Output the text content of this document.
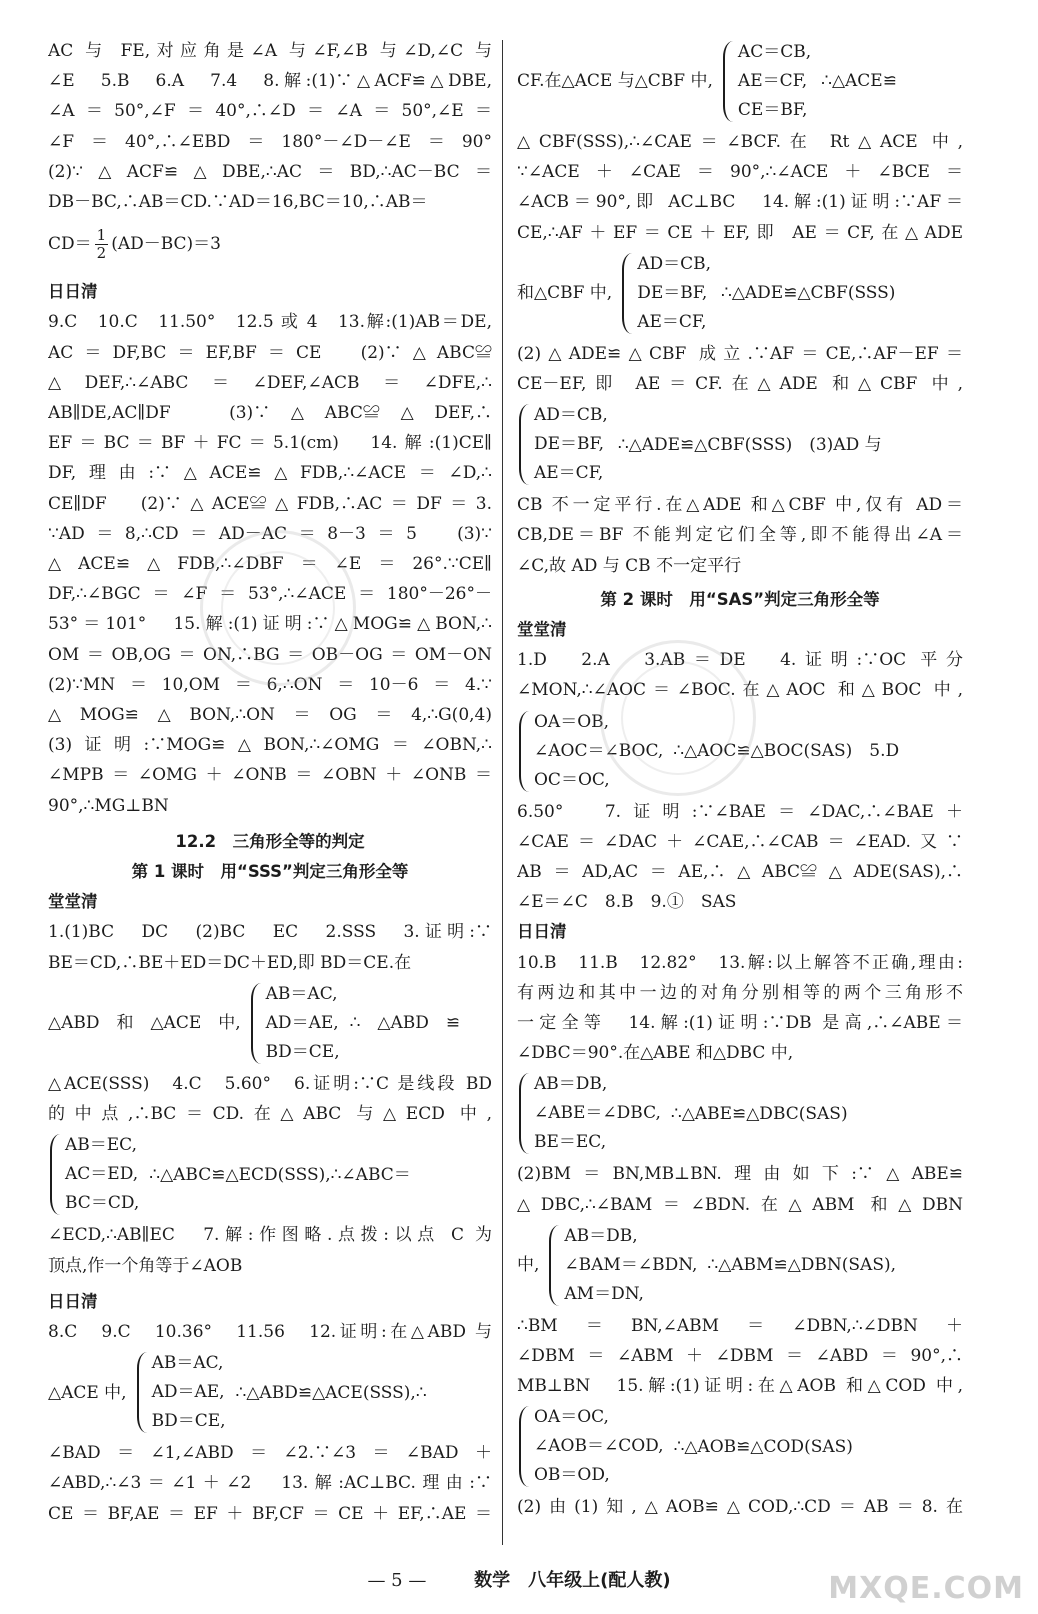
AC 与 FE,对应角是∠A 与∠F,∠B 与∠D,∠C 与
∠E　5.B　6.A　7.4　8.解:(1)∵△ACF≌△DBE,
∠A＝50°,∠F＝40°,∴∠D＝∠A＝50°,∠E＝
∠F＝40°,∴∠EBD＝180°－∠D－∠E＝90°
(2)∵△ACF≌△DBE,∴AC＝BD,∴AC－BC＝
DB－BC,∴AB＝CD.∵AD＝16,BC＝10,∴AB＝
$CD= \frac{1}{2} (AD-BC)=3$
日日清
9.C　10.C　11.50°　12.5 或 4　13.解:(1)AB＝DE,
AC＝DF,BC＝EF,BF＝CE　(2)∵△ABC≌
△DEF,∴∠ABC＝∠DEF,∠ACB＝∠DFE,∴
AB∥DE,AC∥DF　(3)∵△ABC≌△DEF,∴
EF＝BC＝BF＋FC＝5.1(cm)　14.解:(1)CE∥
DF,理由:∵△ACE≌△FDB,∴∠ACE＝∠D,∴
CE∥DF　(2)∵△ACE≌△FDB,∴AC＝DF＝3.
∵AD＝8,∴CD＝AD－AC＝8－3＝5　(3)∵
△ACE≌△FDB,∴∠DBF＝∠E＝26°.∵CE∥
DF,∴∠BGC＝∠F＝53°,∴∠ACE＝180°－26°－
53°＝101°　15.解:(1)证明:∵△MOG≌△BON,∴
OM＝OB,OG＝ON,∴BG＝OB－OG＝OM－ON
(2)∵MN＝10,OM＝6,∴ON＝10－6＝4.∵
△MOG≌△BON,∴ON＝OG＝4,∴G(0,4)
(3)证明:∵MOG≌△BON,∴∠OMG＝∠OBN,∴
∠MPB＝∠OMG＋∠ONB＝∠OBN＋∠ONB＝
90°,∴MG⊥BN
12.2　三角形全等的判定
第 1 课时　用“SSS”判定三角形全等
堂堂清
1.(1)BC　DC　(2)BC　EC　2.SSS　3.证明:∵
BE＝CD,∴BE＋ED＝DC＋ED,即 BD＝CE.在
△ABD　和　△ACE　中,
AB＝AC,
AD＝AE,
BD＝CE,
∴　△ABD　≌
△ACE(SSS)　4.C　5.60°　6.证明:∵C 是线段 BD
的中点,∴BC＝CD.在△ABC 与△ECD 中,
AB＝EC,
AC＝ED,
BC＝CD,
∴△ABC≌△ECD(SSS),∴∠ABC＝
∠ECD,∴AB∥EC　7.解:作图略.点拨:以点 C 为
顶点,作一个角等于∠AOB
日日清
8.C　9.C　10.36°　11.56　12.证明:在△ABD 与
△ACE 中,
AB＝AC,
AD＝AE,
BD＝CE,
∴△ABD≌△ACE(SSS),∴
∠BAD＝∠1,∠ABD＝∠2.∵∠3＝∠BAD＋
∠ABD,∴∠3＝∠1＋∠2　13.解:AC⊥BC.理由:∵
CE＝BF,AE＝EF＋BF,CF＝CE＋EF,∴AE＝
CF.在△ACE 与△CBF 中,
AC＝CB,
AE＝CF,
CE＝BF,
∴△ACE≌
△CBF(SSS),∴∠CAE＝∠BCF.在 Rt△ACE 中,
∵∠ACE＋∠CAE＝90°,∴∠ACE＋∠BCE＝
∠ACB＝90°,即 AC⊥BC　14.解:(1)证明:∵AF＝
CE,∴AF＋EF＝CE＋EF,即 AE＝CF,在△ADE
和△CBF 中,
AD＝CB,
DE＝BF,
AE＝CF,
∴△ADE≌△CBF(SSS)
(2)△ADE≌△CBF 成立.∵AF＝CE,∴AF－EF＝
CE－EF,即 AE＝CF.在△ADE 和△CBF 中,
AD＝CB,
DE＝BF,
AE＝CF,
∴△ADE≌△CBF(SSS)　(3)AD 与
CB 不一定平行.在△ADE 和△CBF 中,仅有 AD＝
CB,DE＝BF 不能判定它们全等,即不能得出∠A＝
∠C,故 AD 与 CB 不一定平行
第 2 课时　用“SAS”判定三角形全等
堂堂清
1.D　2.A　3.AB＝DE　4.证明:∵OC 平分
∠MON,∴∠AOC＝∠BOC.在△AOC 和△BOC 中,
OA＝OB,
∠AOC＝∠BOC,
OC＝OC,
∴△AOC≌△BOC(SAS)　5.D
6.50°　7.证明:∵∠BAE＝∠DAC,∴∠BAE＋
∠CAE＝∠DAC＋∠CAE,∴∠CAB＝∠EAD.又∵
AB＝AD,AC＝AE,∴△ABC≌△ADE(SAS),∴
∠E＝∠C　8.B　9.①　SAS
日日清
10.B　11.B　12.82°　13.解:以上解答不正确,理由:
有两边和其中一边的对角分别相等的两个三角形不
一定全等　14.解:(1)证明:∵DB 是高,∴∠ABE＝
∠DBC＝90°.在△ABE 和△DBC 中,
AB＝DB,
∠ABE＝∠DBC,
BE＝EC,
∴△ABE≌△DBC(SAS)
(2)BM＝BN,MB⊥BN.理由如下:∵△ABE≌
△DBC,∴∠BAM＝∠BDN.在△ABM 和△DBN
中,
AB＝DB,
∠BAM＝∠BDN,
AM＝DN,
∴△ABM≌△DBN(SAS),
∴BM＝BN,∠ABM＝∠DBN,∴∠DBN＋
∠DBM＝∠ABM＋∠DBM＝∠ABD＝90°,∴
MB⊥BN　15.解:(1)证明:在△AOB 和△COD 中,
OA＝OC,
∠AOB＝∠COD,
OB＝OD,
∴△AOB≌△COD(SAS)
(2)由(1)知,△AOB≌△COD,∴CD＝AB＝8.在
— 5 —	数学　八年级上(配人教)	MXQE.COM
